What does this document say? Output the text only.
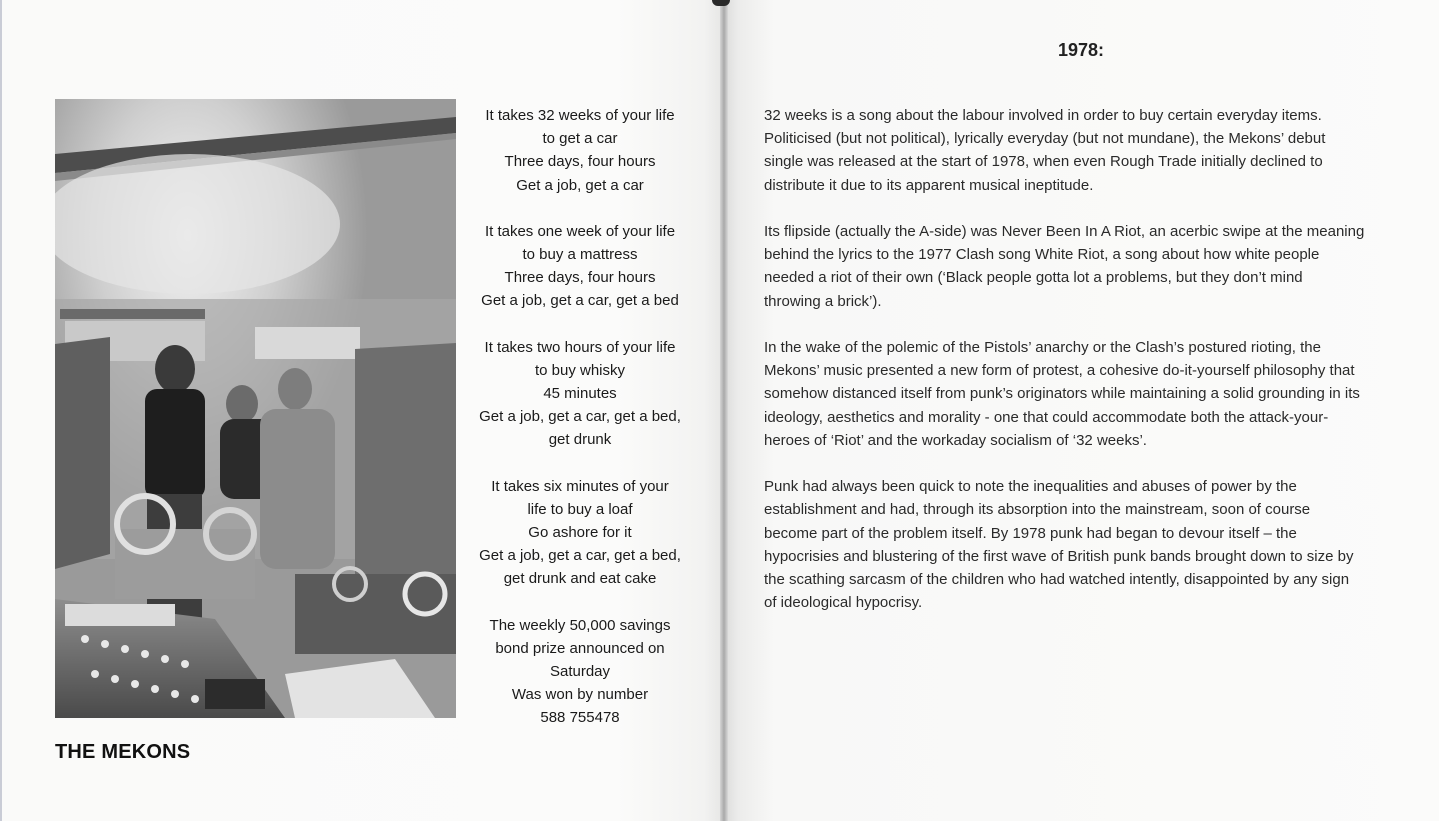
THE MEKONS
It takes 32 weeks of your life
to get a car
Three days, four hours
Get a job, get a car
It takes one week of your life
to buy a mattress
Three days, four hours
Get a job, get a car, get a bed
It takes two hours of your life
to buy whisky
45 minutes
Get a job, get a car, get a bed,
get drunk
It takes six minutes of your
life to buy a loaf
Go ashore for it
Get a job, get a car, get a bed,
get drunk and eat cake
The weekly 50,000 savings
bond prize announced on
Saturday
Was won by number
588 755478
1978:

32 weeks is a song about the labour involved in order to buy certain everyday items.
Politicised (but not political), lyrically everyday (but not mundane), the Mekons’ debut
single was released at the start of 1978, when even Rough Trade initially declined to
distribute it due to its apparent musical ineptitude.

Its flipside (actually the A-side) was Never Been In A Riot, an acerbic swipe at the meaning
behind the lyrics to the 1977 Clash song White Riot, a song about how white people
needed a riot of their own (‘Black people gotta lot a problems, but they don’t mind
throwing a brick’).

In the wake of the polemic of the Pistols’ anarchy or the Clash’s postured rioting, the
Mekons’ music presented a new form of protest, a cohesive do-it-yourself philosophy that
somehow distanced itself from punk’s originators while maintaining a solid grounding in its
ideology, aesthetics and morality - one that could accommodate both the attack-your-
heroes of ‘Riot’ and the workaday socialism of ‘32 weeks’.

Punk had always been quick to note the inequalities and abuses of power by the
establishment and had, through its absorption into the mainstream, soon of course
become part of the problem itself. By 1978 punk had began to devour itself – the
hypocrisies and blustering of the first wave of British punk bands brought down to size by
the scathing sarcasm of the children who had watched intently, disappointed by any sign
of ideological hypocrisy.
